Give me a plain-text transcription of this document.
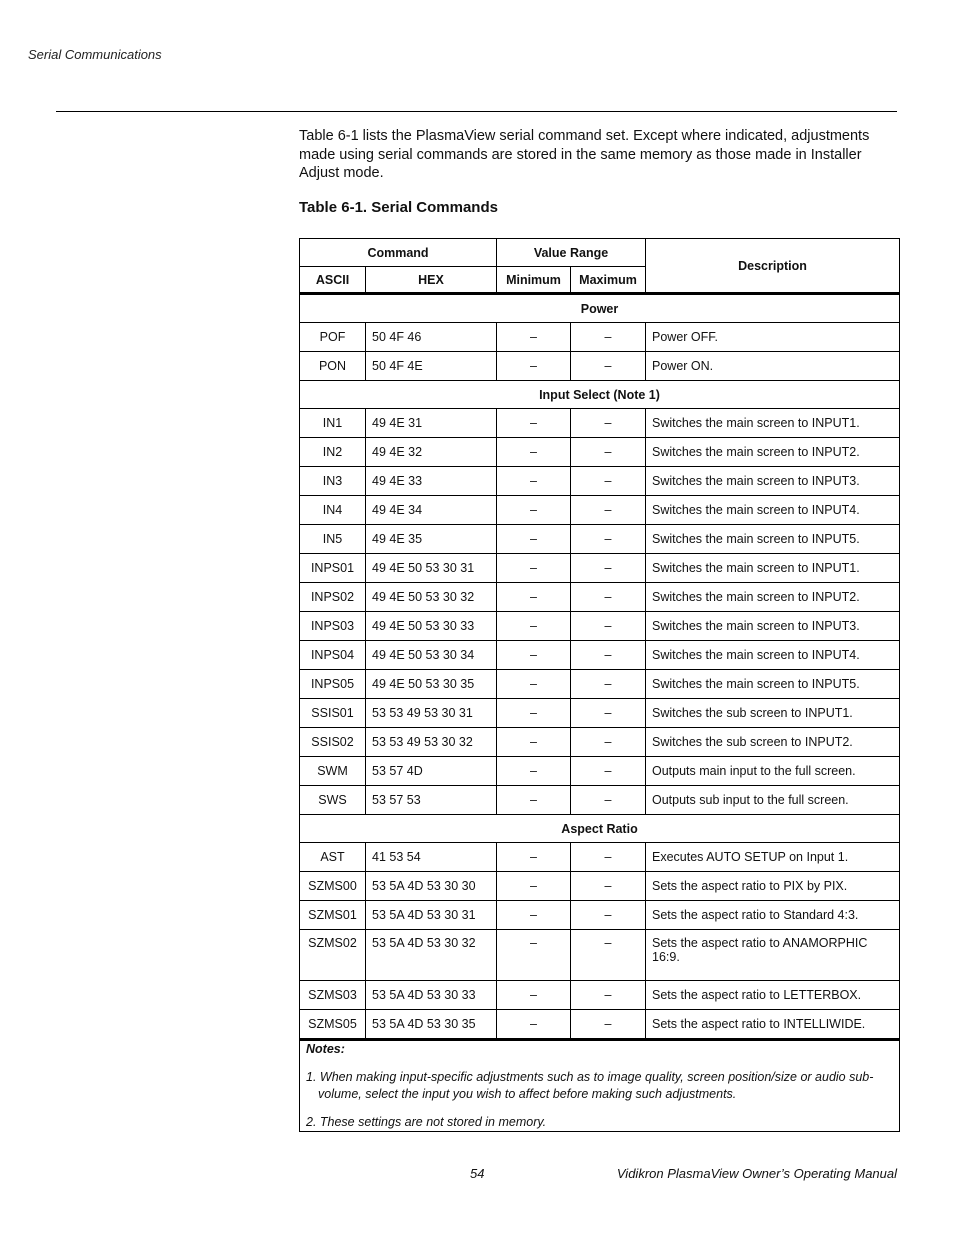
Serial Communications

Table 6-1 lists the PlasmaView serial command set. Except where indicated, adjustments made using serial commands are stored in the same memory as those made in Installer Adjust mode.

Table 6-1. Serial Commands
Command		Value Range		Description
ASCII	HEX	Minimum	Maximum	
Power				
POF	50 4F 46	–	–	Power OFF.
PON	50 4F 4E	–	–	Power ON.
Input Select (Note 1)				
IN1	49 4E 31	–	–	Switches the main screen to INPUT1.
IN2	49 4E 32	–	–	Switches the main screen to INPUT2.
IN3	49 4E 33	–	–	Switches the main screen to INPUT3.
IN4	49 4E 34	–	–	Switches the main screen to INPUT4.
IN5	49 4E 35	–	–	Switches the main screen to INPUT5.
INPS01	49 4E 50 53 30 31	–	–	Switches the main screen to INPUT1.
INPS02	49 4E 50 53 30 32	–	–	Switches the main screen to INPUT2.
INPS03	49 4E 50 53 30 33	–	–	Switches the main screen to INPUT3.
INPS04	49 4E 50 53 30 34	–	–	Switches the main screen to INPUT4.
INPS05	49 4E 50 53 30 35	–	–	Switches the main screen to INPUT5.
SSIS01	53 53 49 53 30 31	–	–	Switches the sub screen to INPUT1.
SSIS02	53 53 49 53 30 32	–	–	Switches the sub screen to INPUT2.
SWM	53 57 4D	–	–	Outputs main input to the full screen.
SWS	53 57 53	–	–	Outputs sub input to the full screen.
Aspect Ratio				
AST	41 53 54	–	–	Executes AUTO SETUP on Input 1.
SZMS00	53 5A 4D 53 30 30	–	–	Sets the aspect ratio to PIX by PIX.
SZMS01	53 5A 4D 53 30 31	–	–	Sets the aspect ratio to Standard 4:3.
SZMS02	53 5A 4D 53 30 32	–	–	Sets the aspect ratio to ANAMORPHIC 16:9.
SZMS03	53 5A 4D 53 30 33	–	–	Sets the aspect ratio to LETTERBOX.
SZMS05	53 5A 4D 53 30 35	–	–	Sets the aspect ratio to INTELLIWIDE.

Notes:
1. When making input-specific adjustments such as to image quality, screen position/size or audio sub-volume, select the input you wish to affect before making such adjustments.
2. These settings are not stored in memory.				
54	Vidikron PlasmaView Owner’s Operating Manual
